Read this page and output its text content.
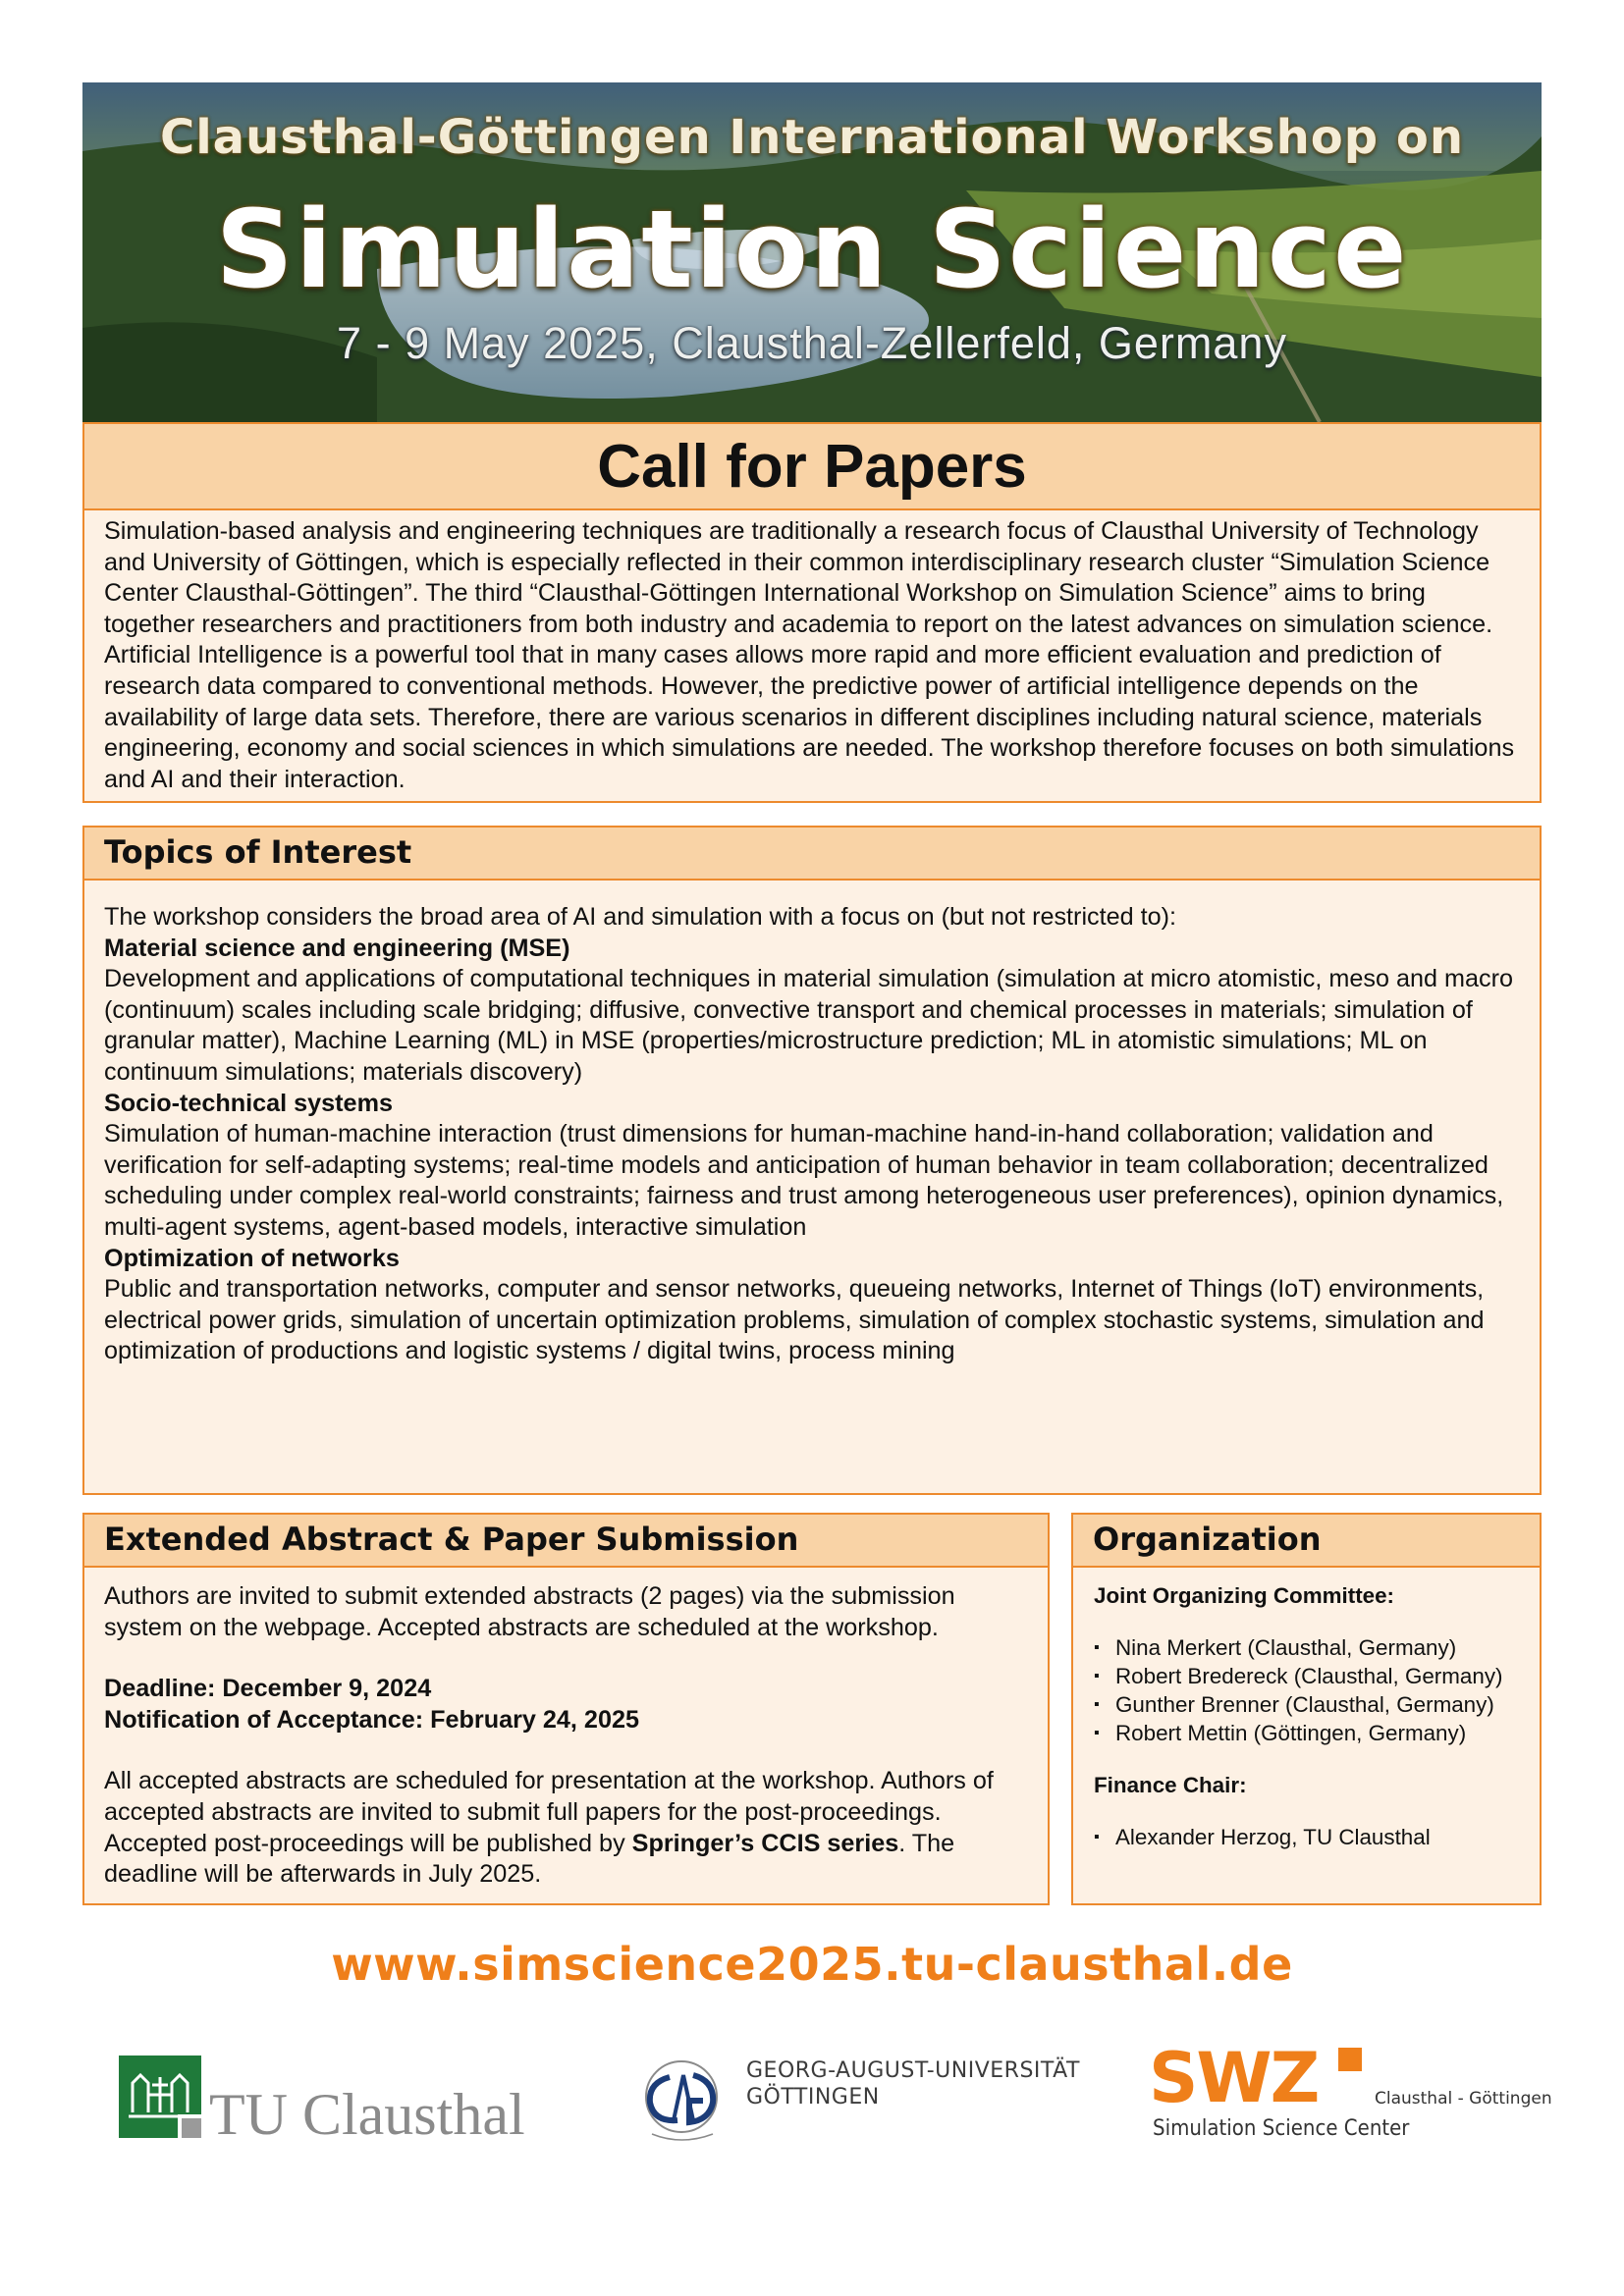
Clausthal-Göttingen International Workshop on
Simulation Science
7 - 9 May 2025, Clausthal-Zellerfeld, Germany
Call for Papers

Simulation-based analysis and engineering techniques are traditionally a research focus of Clausthal University of Technology and University of Göttingen, which is especially reflected in their common interdisciplinary research cluster “Simulation Science Center Clausthal-Göttingen”. The third “Clausthal-Göttingen International Workshop on Simulation Science” aims to bring together researchers and practitioners from both industry and academia to report on the latest advances on simulation science. Artificial Intelligence is a powerful tool that in many cases allows more rapid and more efficient evaluation and prediction of research data compared to conventional methods. However, the predictive power of artificial intelligence depends on the availability of large data sets. Therefore, there are various scenarios in different disciplines including natural science, materials engineering, economy and social sciences in which simulations are needed. The workshop therefore focuses on both simulations and AI and their interaction.

Topics of Interest
The workshop considers the broad area of AI and simulation with a focus on (but not restricted to):
Material science and engineering (MSE)
Development and applications of computational techniques in material simulation (simulation at micro atomistic, meso and macro (continuum) scales including scale bridging; diffusive, convective transport and chemical processes in materials; simulation of granular matter), Machine Learning (ML) in MSE (properties/microstructure prediction; ML in atomistic simulations; ML on continuum simulations; materials discovery)
Socio-technical systems
Simulation of human-machine interaction (trust dimensions for human-machine hand-in-hand collaboration; validation and verification for self-adapting systems; real-time models and anticipation of human behavior in team collaboration; decentralized scheduling under complex real-world constraints; fairness and trust among heterogeneous user preferences), opinion dynamics, multi-agent systems, agent-based models, interactive simulation
Optimization of networks
Public and transportation networks, computer and sensor networks, queueing networks, Internet of Things (IoT) environments, electrical power grids, simulation of uncertain optimization problems, simulation of complex stochastic systems, simulation and optimization of productions and logistic systems / digital twins, process mining
Extended Abstract & Paper Submission
Authors are invited to submit extended abstracts (2 pages) via the submission system on the webpage. Accepted abstracts are scheduled at the workshop.
Deadline: December 9, 2024
Notification of Acceptance: February 24, 2025
All accepted abstracts are scheduled for presentation at the workshop. Authors of accepted abstracts are invited to submit full papers for the post-proceedings. Accepted post-proceedings will be published by Springer’s CCIS series. The deadline will be afterwards in July 2025.
Organization
Joint Organizing Committee:
▪ Nina Merkert (Clausthal, Germany)
▪ Robert Bredereck (Clausthal, Germany)
▪ Gunther Brenner (Clausthal, Germany)
▪ Robert Mettin (Göttingen, Germany)
Finance Chair:
▪ Alexander Herzog, TU Clausthal
www.simscience2025.tu-clausthal.de
TU Clausthal
GEORG-AUGUST-UNIVERSITÄT
GÖTTINGEN	SWZ	Clausthal - Göttingen
Simulation Science Center
